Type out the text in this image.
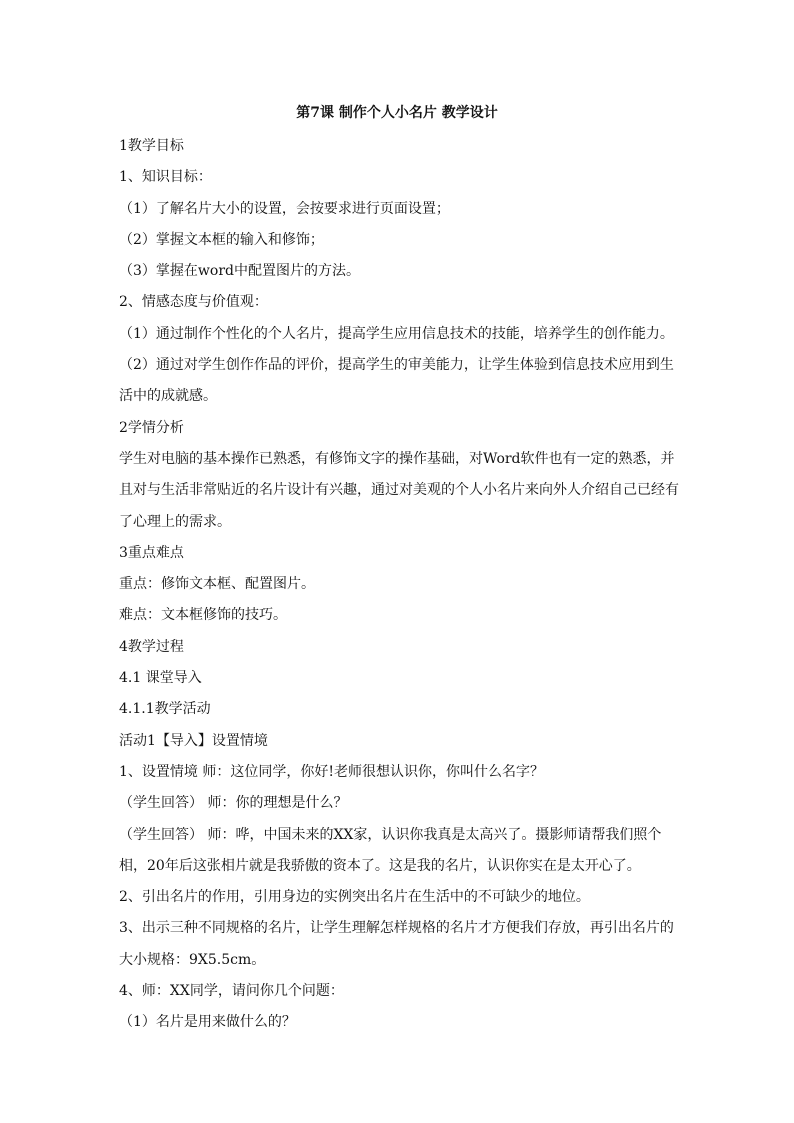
第7课 制作个人小名片 教学设计
1教学目标
1、知识目标：
（1）了解名片大小的设置，会按要求进行页面设置；
（2）掌握文本框的输入和修饰；
（3）掌握在word中配置图片的方法。
2、情感态度与价值观：
（1）通过制作个性化的个人名片，提高学生应用信息技术的技能，培养学生的创作能力。
（2）通过对学生创作作品的评价，提高学生的审美能力，让学生体验到信息技术应用到生
活中的成就感。
2学情分析
学生对电脑的基本操作已熟悉，有修饰文字的操作基础，对Word软件也有一定的熟悉，并
且对与生活非常贴近的名片设计有兴趣，通过对美观的个人小名片来向外人介绍自己已经有
了心理上的需求。
3重点难点
重点：修饰文本框、配置图片。
难点：文本框修饰的技巧。
4教学过程
4.1 课堂导入
4.1.1教学活动
活动1【导入】设置情境
1、设置情境 师：这位同学，你好!老师很想认识你，你叫什么名字？
（学生回答） 师：你的理想是什么？
（学生回答） 师：哗，中国未来的XX家，认识你我真是太高兴了。摄影师请帮我们照个
相，20年后这张相片就是我骄傲的资本了。这是我的名片，认识你实在是太开心了。
2、引出名片的作用，引用身边的实例突出名片在生活中的不可缺少的地位。
3、出示三种不同规格的名片，让学生理解怎样规格的名片才方便我们存放，再引出名片的
大小规格：9X5.5cm。
4、师：XX同学，请问你几个问题：
（1）名片是用来做什么的？
